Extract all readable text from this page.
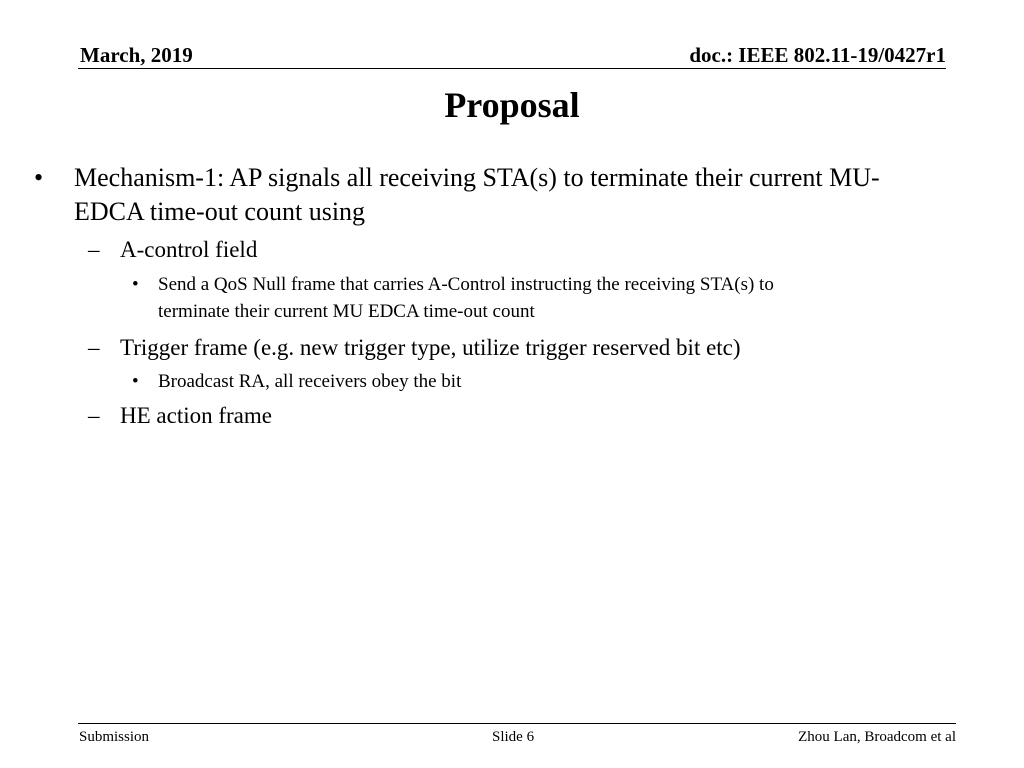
March, 2019	doc.: IEEE 802.11-19/0427r1
Proposal
• Mechanism-1: AP signals all receiving STA(s) to terminate their current MU-
EDCA time-out count using
– A-control field
• Send a QoS Null frame that carries A-Control instructing the receiving STA(s) to
terminate their current MU EDCA time-out count
– Trigger frame (e.g. new trigger type, utilize trigger reserved bit etc)
• Broadcast RA, all receivers obey the bit
– HE action frame
Submission	Slide 6	Zhou Lan, Broadcom et al
